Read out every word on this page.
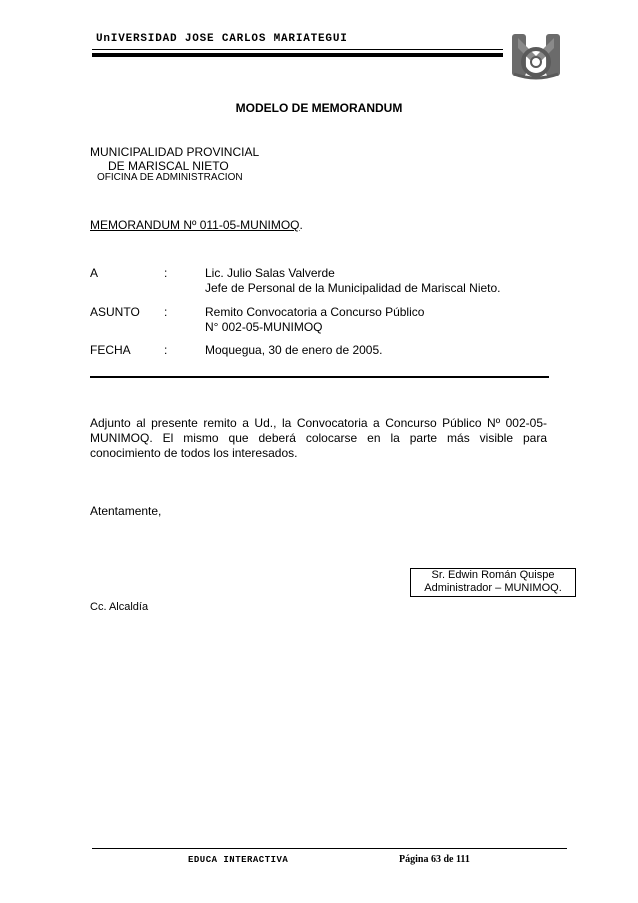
UnIVERSIDAD JOSE CARLOS MARIATEGUI
MODELO DE MEMORANDUM
MUNICIPALIDAD PROVINCIAL
DE MARISCAL NIETO
OFICINA DE ADMINISTRACION
MEMORANDUM Nº 011-05-MUNIMOQ.
A	:	Lic. Julio Salas Valverde
Jefe de Personal de la Municipalidad de Mariscal Nieto.
ASUNTO :	Remito Convocatoria a Concurso Público
N° 002-05-MUNIMOQ
FECHA	:	Moquegua, 30 de enero de 2005.
Adjunto al presente remito a Ud., la Convocatoria a Concurso Público Nº 002-05-MUNIMOQ. El mismo que deberá colocarse en la parte más visible para conocimiento de todos los interesados.
Atentamente,
Sr. Edwin Román Quispe
Administrador – MUNIMOQ.
Cc. Alcaldía
EDUCA INTERACTIVA	Página 63 de 111
